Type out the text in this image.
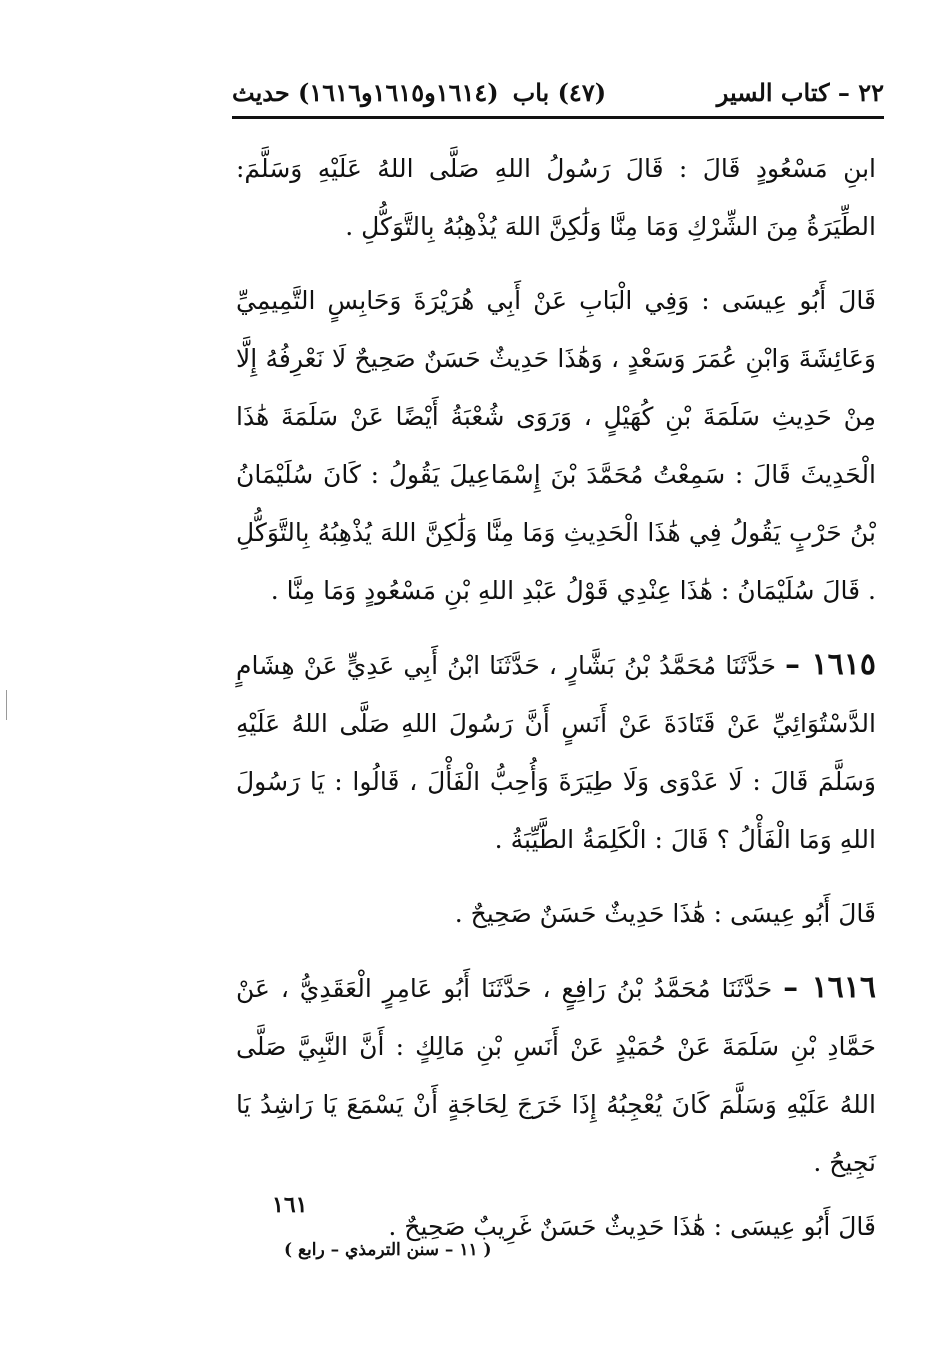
٢٢ – كتاب السير
(٤٧) باب
(١٦١٤و١٦١٥و١٦١٦) حديث

ابنِ مَسْعُودٍ قَالَ : قَالَ رَسُولُ اللهِ صَلَّى اللهُ عَلَيْهِ وَسَلَّمَ: الطِّيَرَةُ مِنَ الشِّرْكِ وَمَا مِنَّا وَلَٰكِنَّ اللهَ يُذْهِبُهُ بِالتَّوَكُّلِ .

قَالَ أَبُو عِيسَى : وَفِي الْبَابِ عَنْ أَبِي هُرَيْرَةَ وَحَابِسٍ التَّمِيمِيِّ وَعَائِشَةَ وَابْنِ عُمَرَ وَسَعْدٍ ، وَهَٰذَا حَدِيثٌ حَسَنٌ صَحِيحٌ لَا نَعْرِفُهُ إِلَّا مِنْ حَدِيثِ سَلَمَةَ بْنِ كُهَيْلٍ ، وَرَوَى شُعْبَةُ أَيْضًا عَنْ سَلَمَةَ هَٰذَا الْحَدِيثَ قَالَ : سَمِعْتُ مُحَمَّدَ بْنَ إِسْمَاعِيلَ يَقُولُ : كَانَ سُلَيْمَانُ بْنُ حَرْبٍ يَقُولُ فِي هَٰذَا الْحَدِيثِ وَمَا مِنَّا وَلَٰكِنَّ اللهَ يُذْهِبُهُ بِالتَّوَكُّلِ . قَالَ سُلَيْمَانُ : هَٰذَا عِنْدِي قَوْلُ عَبْدِ اللهِ بْنِ مَسْعُودٍ وَمَا مِنَّا .

١٦١٥ – حَدَّثَنَا مُحَمَّدُ بْنُ بَشَّارٍ ، حَدَّثَنَا ابْنُ أَبِي عَدِيٍّ عَنْ هِشَامٍ الدَّسْتُوَائِيِّ عَنْ قَتَادَةَ عَنْ أَنَسٍ أَنَّ رَسُولَ اللهِ صَلَّى اللهُ عَلَيْهِ وَسَلَّمَ قَالَ : لَا عَدْوَى وَلَا طِيَرَةَ وَأُحِبُّ الْفَأْلَ ، قَالُوا : يَا رَسُولَ اللهِ وَمَا الْفَأْلُ ؟ قَالَ : الْكَلِمَةُ الطَّيِّبَةُ .

قَالَ أَبُو عِيسَى : هَٰذَا حَدِيثٌ حَسَنٌ صَحِيحٌ .

١٦١٦ – حَدَّثَنَا مُحَمَّدُ بْنُ رَافِعٍ ، حَدَّثَنَا أَبُو عَامِرٍ الْعَقَدِيُّ ، عَنْ حَمَّادِ بْنِ سَلَمَةَ عَنْ حُمَيْدٍ عَنْ أَنَسِ بْنِ مَالِكٍ : أَنَّ النَّبِيَّ صَلَّى اللهُ عَلَيْهِ وَسَلَّمَ كَانَ يُعْجِبُهُ إِذَا خَرَجَ لِحَاجَةٍ أَنْ يَسْمَعَ يَا رَاشِدُ يَا نَجِيحُ .

قَالَ أَبُو عِيسَى : هَٰذَا حَدِيثٌ حَسَنٌ غَرِيبٌ صَحِيحٌ .

١٦١
( ١١ – سنن الترمذي – رابع )
